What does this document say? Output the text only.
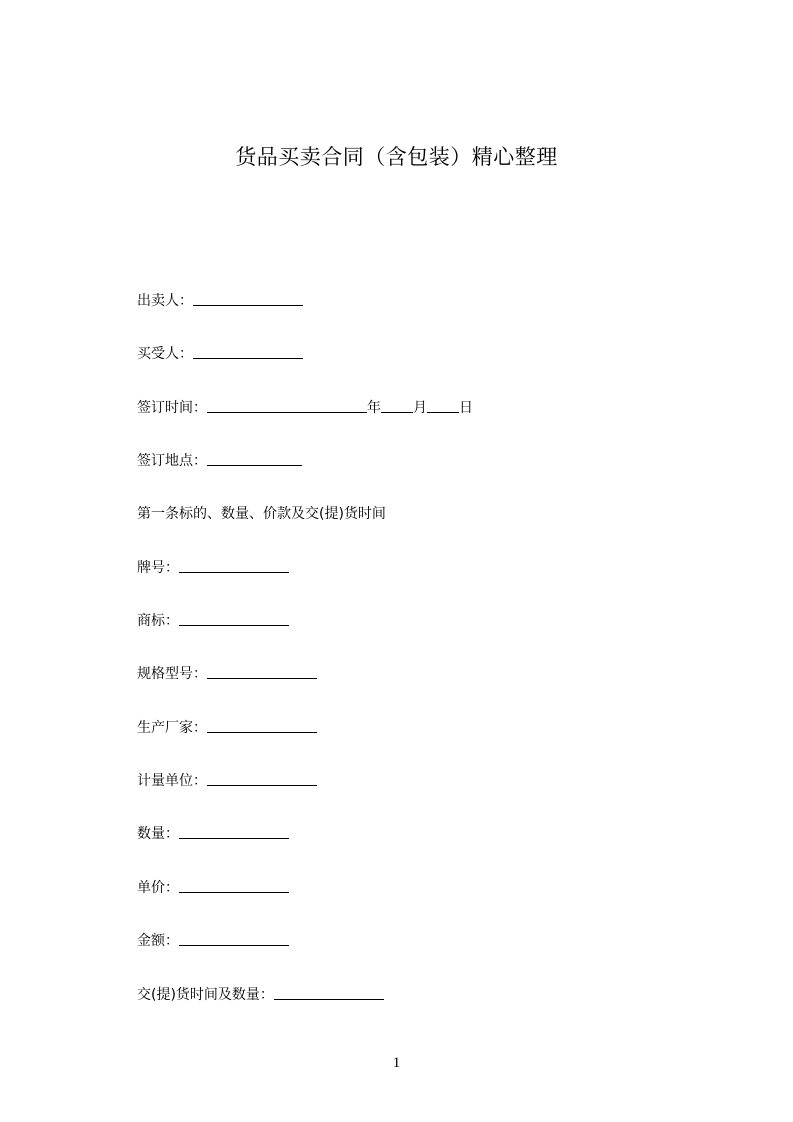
货品买卖合同（含包装）精心整理
出卖人：
买受人：
签订时间：	年 月 日
签订地点：
第一条标的、数量、价款及交(提)货时间
牌号：
商标：
规格型号：
生产厂家：
计量单位：
数量：
单价：
金额：
交(提)货时间及数量：
1
